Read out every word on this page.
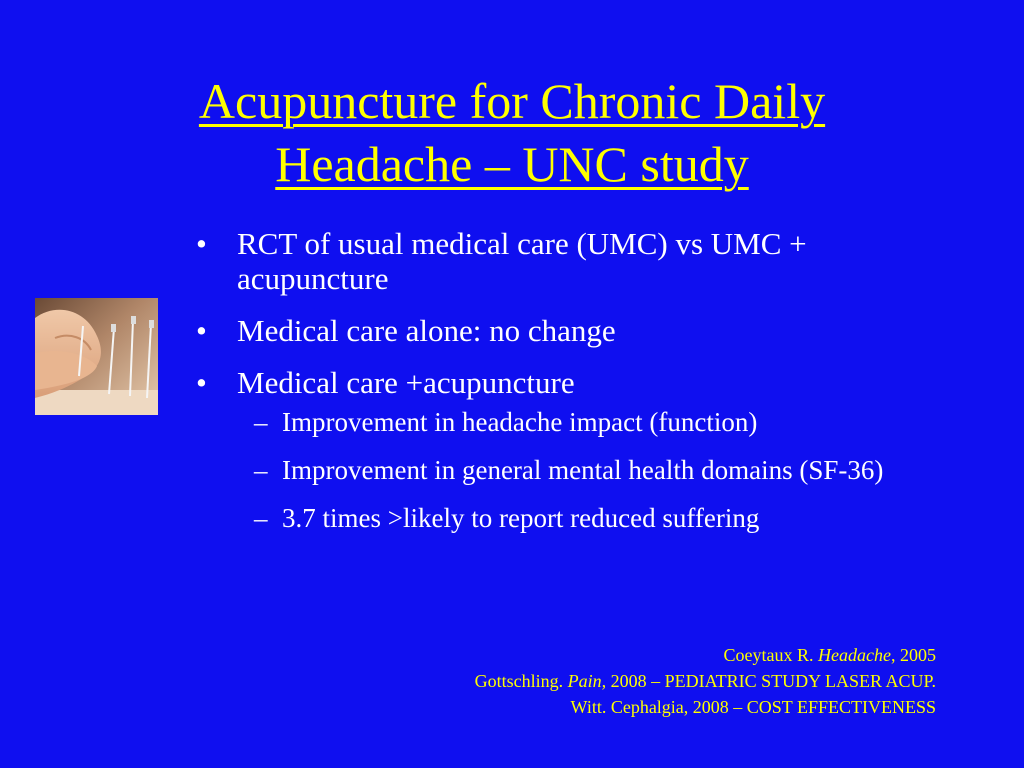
Acupuncture for Chronic Daily
Headache – UNC study
• RCT of usual medical care (UMC) vs UMC + acupuncture
• Medical care alone: no change
• Medical care +acupuncture
– Improvement in headache impact (function)
– Improvement in general mental health domains (SF-36)
– 3.7 times >likely to report reduced suffering
Coeytaux R. Headache, 2005
Gottschling. Pain, 2008 – PEDIATRIC STUDY LASER ACUP.
Witt. Cephalgia, 2008 – COST EFFECTIVENESS
